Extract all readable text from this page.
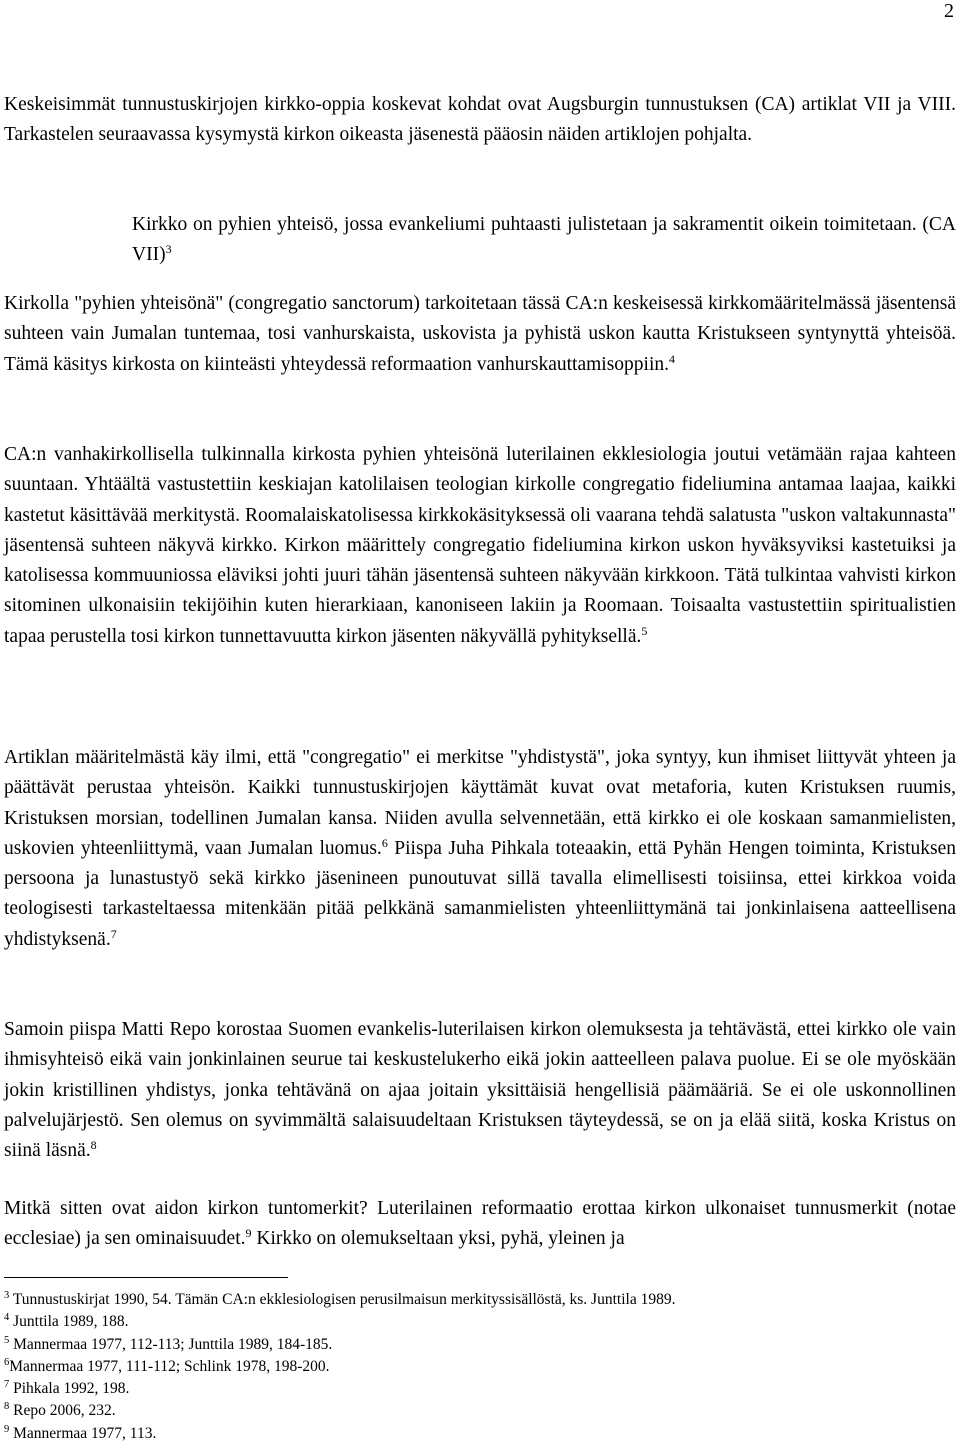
2

Keskeisimmät tunnustuskirjojen kirkko-oppia koskevat kohdat ovat Augsburgin tunnustuksen (CA) artiklat VII ja VIII. Tarkastelen seuraavassa kysymystä kirkon oikeasta jäsenestä pääosin näiden artiklojen pohjalta.

Kirkko on pyhien yhteisö, jossa evankeliumi puhtaasti julistetaan ja sakramentit oikein toimitetaan. (CA VII)$^3$

Kirkolla "pyhien yhteisönä" (congregatio sanctorum) tarkoitetaan tässä CA:n keskeisessä kirkkomääritelmässä jäsentensä suhteen vain Jumalan tuntemaa, tosi vanhurskaista, uskovista ja pyhistä uskon kautta Kristukseen syntynyttä yhteisöä. Tämä käsitys kirkosta on kiinteästi yhteydessä reformaation vanhurskauttamisoppiin.$^4$

CA:n vanhakirkollisella tulkinnalla kirkosta pyhien yhteisönä luterilainen ekklesiologia joutui vetämään rajaa kahteen suuntaan. Yhtäältä vastustettiin keskiajan katolilaisen teologian kirkolle congregatio fideliumina antamaa laajaa, kaikki kastetut käsittävää merkitystä. Roomalaiskatolisessa kirkkokäsityksessä oli vaarana tehdä salatusta "uskon valtakunnasta" jäsentensä suhteen näkyvä kirkko. Kirkon määrittely congregatio fideliumina kirkon uskon hyväksyviksi kastetuiksi ja katolisessa kommuuniossa eläviksi johti juuri tähän jäsentensä suhteen näkyvään kirkkoon. Tätä tulkintaa vahvisti kirkon sitominen ulkonaisiin tekijöihin kuten hierarkiaan, kanoniseen lakiin ja Roomaan. Toisaalta vastustettiin spiritualistien tapaa perustella tosi kirkon tunnettavuutta kirkon jäsenten näkyvällä pyhityksellä.$^5$

Artiklan määritelmästä käy ilmi, että "congregatio" ei merkitse "yhdistystä", joka syntyy, kun ihmiset liittyvät yhteen ja päättävät perustaa yhteisön. Kaikki tunnustuskirjojen käyttämät kuvat ovat metaforia, kuten Kristuksen ruumis, Kristuksen morsian, todellinen Jumalan kansa. Niiden avulla selvennetään, että kirkko ei ole koskaan samanmielisten, uskovien yhteenliittymä, vaan Jumalan luomus.$^6$ Piispa Juha Pihkala toteaakin, että Pyhän Hengen toiminta, Kristuksen persoona ja lunastustyö sekä kirkko jäsenineen punoutuvat sillä tavalla elimellisesti toisiinsa, ettei kirkkoa voida teologisesti tarkasteltaessa mitenkään pitää pelkkänä samanmielisten yhteenliittymänä tai jonkinlaisena aatteellisena yhdistyksenä.$^7$

Samoin piispa Matti Repo korostaa Suomen evankelis-luterilaisen kirkon olemuksesta ja tehtävästä, ettei kirkko ole vain ihmisyhteisö eikä vain jonkinlainen seurue tai keskustelukerho eikä jokin aatteelleen palava puolue. Ei se ole myöskään jokin kristillinen yhdistys, jonka tehtävänä on ajaa joitain yksittäisiä hengellisiä päämääriä. Se ei ole uskonnollinen palvelujärjestö. Sen olemus on syvimmältä salaisuudeltaan Kristuksen täyteydessä, se on ja elää siitä, koska Kristus on siinä läsnä.$^8$

Mitkä sitten ovat aidon kirkon tuntomerkit? Luterilainen reformaatio erottaa kirkon ulkonaiset tunnusmerkit (notae ecclesiae) ja sen ominaisuudet.$^9$ Kirkko on olemukseltaan yksi, pyhä, yleinen ja

$^3$ Tunnustuskirjat 1990, 54. Tämän CA:n ekklesiologisen perusilmaisun merkityssisällöstä, ks. Junttila 1989.
$^4$ Junttila 1989, 188.
$^5$ Mannermaa 1977, 112-113; Junttila 1989, 184-185.
$^6$Mannermaa 1977, 111-112; Schlink 1978, 198-200.
$^7$ Pihkala 1992, 198.
$^8$ Repo 2006, 232.
$^9$ Mannermaa 1977, 113.
